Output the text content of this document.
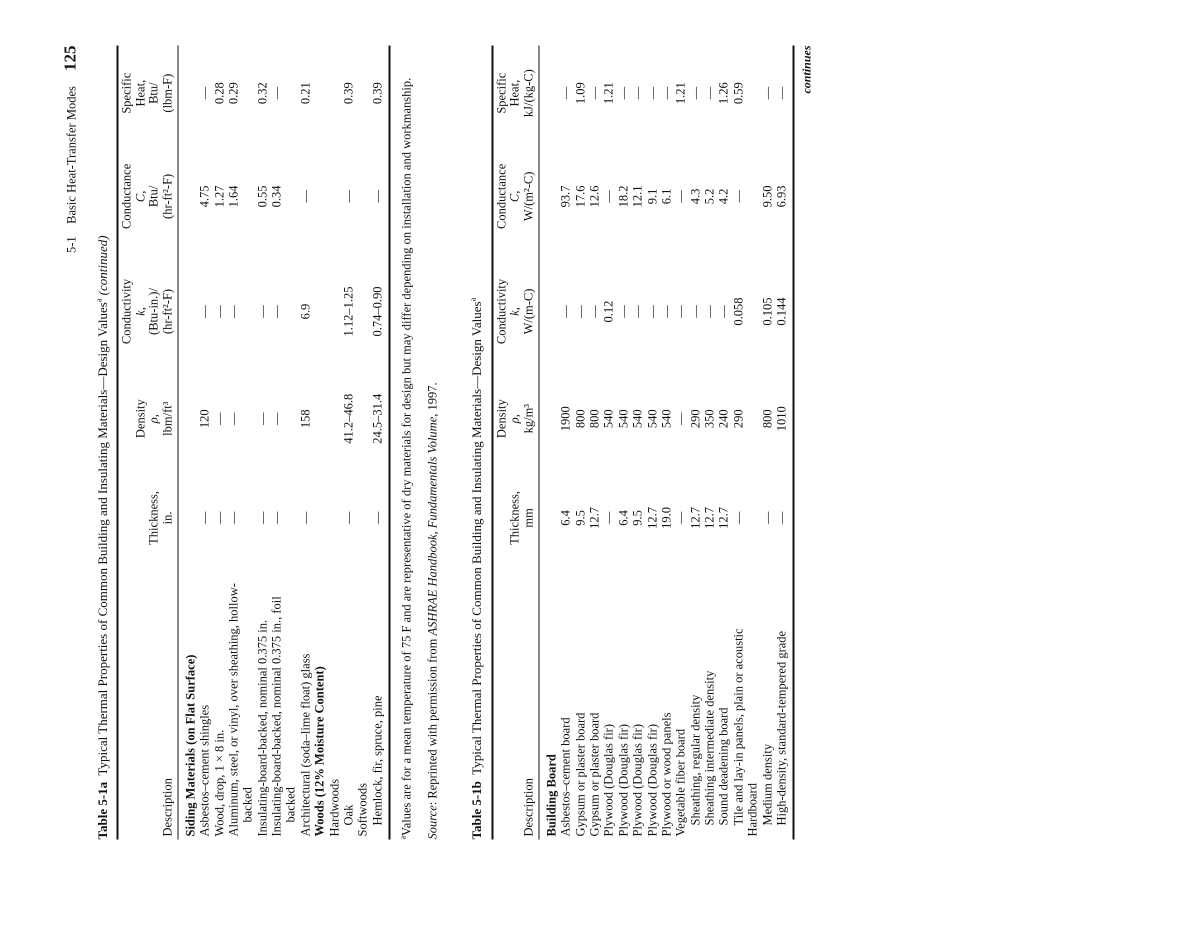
5-1    Basic Heat-Transfer Modes 125
Table 5-1a  Typical Thermal Properties of Common Building and Insulating Materials—Design Values$^a$ (continued)
Description	Thickness,
in.	Density
ρ,
lbm/ft³	Conductivity
k,
(Btu-in.)/
(hr-ft²-F)	Conductance
C,
Btu/
(hr-ft²-F)	Specific
Heat,
Btu/
(lbm-F)
Siding Materials (on Flat Surface)					
Asbestos–cement shingles	—	120	—	4.75	—
Wood, drop, 1 × 8 in.	—	—	—	1.27	0.28
Aluminum, steel, or vinyl, over sheathing, hollow-backed	—	—	—	1.64	0.29
Insulating-board-backed, nominal 0.375 in.	—	—	—	0.55	0.32
Insulating-board-backed, nominal 0.375 in., foil backed	—	—	—	0.34	—
Architectural (soda–lime float) glass	—	158	6.9	—	0.21
Woods (12% Moisture Content)					
Hardwoods					
Oak	—	41.2–46.8	1.12–1.25	—	0.39
Softwoods					
Hemlock, fir, spruce, pine	—	24.5–31.4	0.74–0.90	—	0.39

$^a$Values are for a mean temperature of 75 F and are representative of dry materials for design but may differ depending on installation and workmanship. Source: Reprinted with permission from ASHRAE Handbook, Fundamentals Volume, 1997.

Table 5-1b  Typical Thermal Properties of Common Building and Insulating Materials—Design Values$^a$
Description	Thickness,
mm	Density
ρ,
kg/m³	Conductivity
k,
W/(m-C)	Conductance
C,
W/(m²-C)	Specific
Heat,
kJ/(kg-C)
Building Board					
Asbestos–cement board	6.4	1900	—	93.7	—
Gypsum or plaster board	9.5	800	—	17.6	1.09
Gypsum or plaster board	12.7	800	—	12.6	—
Plywood (Douglas fir)	—	540	0.12	—	1.21
Plywood (Douglas fir)	6.4	540	—	18.2	—
Plywood (Douglas fir)	9.5	540	—	12.1	—
Plywood (Douglas fir)	12.7	540	—	9.1	—
Plywood or wood panels	19.0	540	—	6.1	—
Vegetable fiber board	—	—	—	—	1.21
Sheathing, regular density	12.7	290	—	4.3	—
Sheathing intermediate density	12.7	350	—	5.2	—
Sound deadening board	12.7	240	—	4.2	1.26
Tile and lay-in panels, plain or acoustic	—	290	0.058	—	0.59
Hardboard					
Medium density	—	800	0.105	9.50	—
High-density, standard-tempered grade	—	1010	0.144	6.93	— continues
